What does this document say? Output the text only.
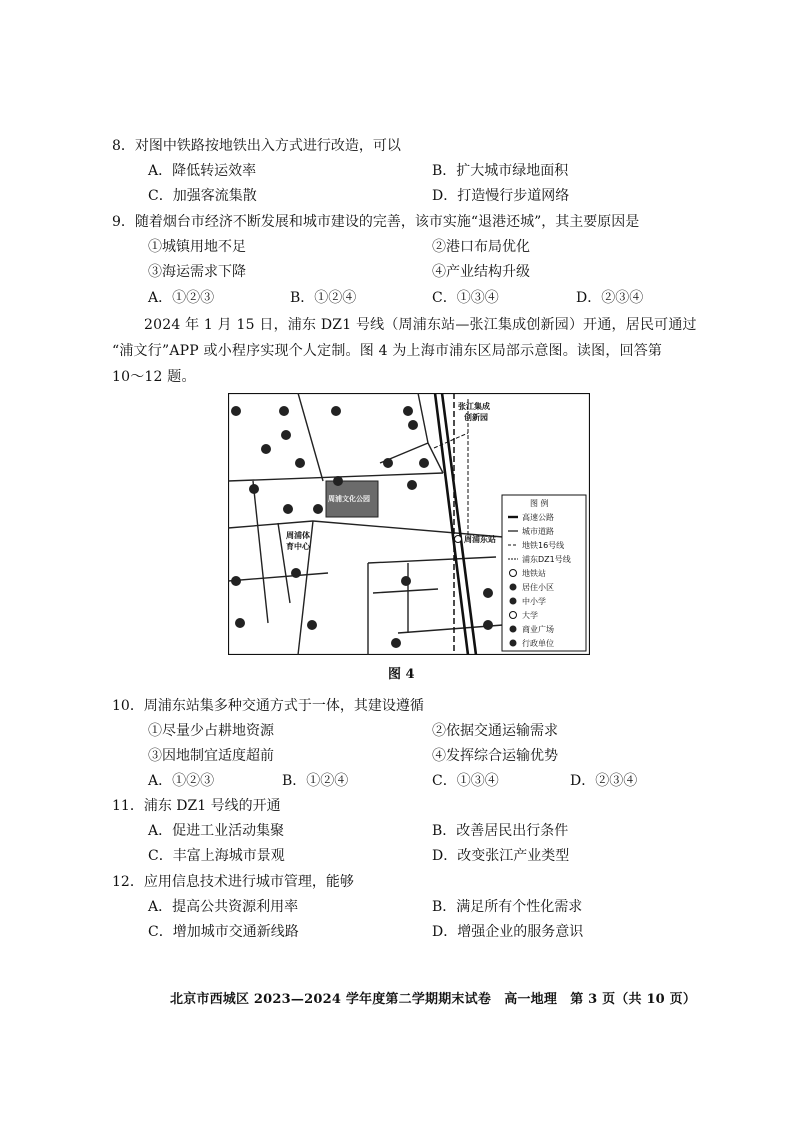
8．对图中铁路按地铁出入方式进行改造，可以
A．降低转运效率	B．扩大城市绿地面积
C．加强客流集散	D．打造慢行步道网络
9．随着烟台市经济不断发展和城市建设的完善，该市实施“退港还城”，其主要原因是
①城镇用地不足	②港口布局优化
③海运需求下降	④产业结构升级
A．①②③	B．①②④	C．①③④	D．②③④
2024 年 1 月 15 日，浦东 DZ1 号线（周浦东站—张江集成创新园）开通，居民可通过
“浦文行”APP 或小程序实现个人定制。图 4 为上海市浦东区局部示意图。读图，回答第
10～12 题。
周浦文化公园
张江集成
创新园
周浦体
育中心
周浦东站
图 例
高速公路
城市道路
地铁16号线
浦东DZ1号线
地铁站
居住小区
中小学
大学
商业广场
行政单位
图 4
10．周浦东站集多种交通方式于一体，其建设遵循
①尽量少占耕地资源	②依据交通运输需求
③因地制宜适度超前	④发挥综合运输优势
A．①②③	B．①②④	C．①③④	D．②③④
11．浦东 DZ1 号线的开通
A．促进工业活动集聚	B．改善居民出行条件
C．丰富上海城市景观	D．改变张江产业类型
12．应用信息技术进行城市管理，能够
A．提高公共资源利用率	B．满足所有个性化需求
C．增加城市交通新线路	D．增强企业的服务意识
北京市西城区 2023—2024 学年度第二学期期末试卷　高一地理　第 3 页（共 10 页）
